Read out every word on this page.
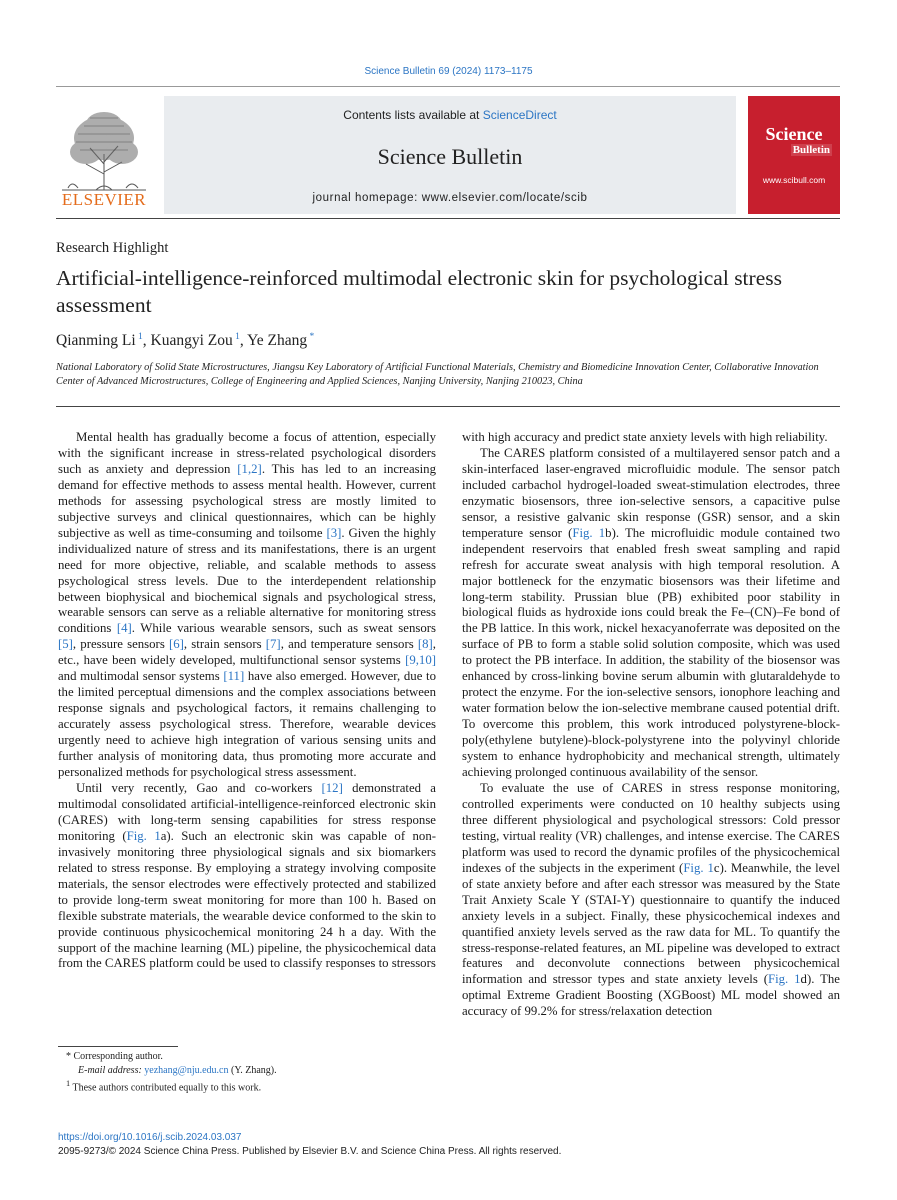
Science Bulletin 69 (2024) 1173–1175
ELSEVIER
Contents lists available at ScienceDirect
Science Bulletin
journal homepage: www.elsevier.com/locate/scib
Science
Bulletin
www.scibull.com
Research Highlight
Artificial-intelligence-reinforced multimodal electronic skin for psychological stress assessment
Qianming Li $^1$, Kuangyi Zou $^1$, Ye Zhang *
National Laboratory of Solid State Microstructures, Jiangsu Key Laboratory of Artificial Functional Materials, Chemistry and Biomedicine Innovation Center, Collaborative Innovation Center of Advanced Microstructures, College of Engineering and Applied Sciences, Nanjing University, Nanjing 210023, China

Mental health has gradually become a focus of attention, especially with the significant increase in stress-related psychological disorders such as anxiety and depression [1,2]. This has led to an increasing demand for effective methods to assess mental health. However, current methods for assessing psychological stress are mostly limited to subjective surveys and clinical questionnaires, which can be highly subjective as well as time-consuming and toilsome [3]. Given the highly individualized nature of stress and its manifestations, there is an urgent need for more objective, reliable, and scalable methods to assess psychological stress levels. Due to the interdependent relationship between biophysical and biochemical signals and psychological stress, wearable sensors can serve as a reliable alternative for monitoring stress conditions [4]. While various wearable sensors, such as sweat sensors [5], pressure sensors [6], strain sensors [7], and temperature sensors [8], etc., have been widely developed, multifunctional sensor systems [9,10] and multimodal sensor systems [11] have also emerged. However, due to the limited perceptual dimensions and the complex associations between response signals and psychological factors, it remains challenging to accurately assess psychological stress. Therefore, wearable devices urgently need to achieve high integration of various sensing units and further analysis of monitoring data, thus promoting more accurate and personalized methods for psychological stress assessment.

Until very recently, Gao and co-workers [12] demonstrated a multimodal consolidated artificial-intelligence-reinforced electronic skin (CARES) with long-term sensing capabilities for stress response monitoring (Fig. 1a). Such an electronic skin was capable of non-invasively monitoring three physiological signals and six biomarkers related to stress response. By employing a strategy involving composite materials, the sensor electrodes were effectively protected and stabilized to provide long-term sweat monitoring for more than 100 h. Based on flexible substrate materials, the wearable device conformed to the skin to provide continuous physicochemical monitoring 24 h a day. With the support of the machine learning (ML) pipeline, the physicochemical data from the CARES platform could be used to classify responses to stressors

with high accuracy and predict state anxiety levels with high reliability.

The CARES platform consisted of a multilayered sensor patch and a skin-interfaced laser-engraved microfluidic module. The sensor patch included carbachol hydrogel-loaded sweat-stimulation electrodes, three enzymatic biosensors, three ion-selective sensors, a capacitive pulse sensor, a resistive galvanic skin response (GSR) sensor, and a skin temperature sensor (Fig. 1b). The microfluidic module contained two independent reservoirs that enabled fresh sweat sampling and rapid refresh for accurate sweat analysis with high temporal resolution. A major bottleneck for the enzymatic biosensors was their lifetime and long-term stability. Prussian blue (PB) exhibited poor stability in biological fluids as hydroxide ions could break the Fe–(CN)–Fe bond of the PB lattice. In this work, nickel hexacyanoferrate was deposited on the surface of PB to form a stable solid solution composite, which was used to protect the PB interface. In addition, the stability of the biosensor was enhanced by cross-linking bovine serum albumin with glutaraldehyde to protect the enzyme. For the ion-selective sensors, ionophore leaching and water formation below the ion-selective membrane caused potential drift. To overcome this problem, this work introduced polystyrene-block-poly(ethylene butylene)-block-polystyrene into the polyvinyl chloride system to enhance hydrophobicity and mechanical strength, ultimately achieving prolonged continuous availability of the sensor.

To evaluate the use of CARES in stress response monitoring, controlled experiments were conducted on 10 healthy subjects using three different physiological and psychological stressors: Cold pressor testing, virtual reality (VR) challenges, and intense exercise. The CARES platform was used to record the dynamic profiles of the physicochemical indexes of the subjects in the experiment (Fig. 1c). Meanwhile, the level of state anxiety before and after each stressor was measured by the State Trait Anxiety Scale Y (STAI-Y) questionnaire to quantify the induced anxiety levels in a subject. Finally, these physicochemical indexes and quantified anxiety levels served as the raw data for ML. To quantify the stress-response-related features, an ML pipeline was developed to extract features and deconvolute connections between physicochemical information and stressor types and state anxiety levels (Fig. 1d). The optimal Extreme Gradient Boosting (XGBoost) ML model showed an accuracy of 99.2% for stress/relaxation detection

* Corresponding author.
E-mail address: yezhang@nju.edu.cn (Y. Zhang).
$^1$ These authors contributed equally to this work.
https://doi.org/10.1016/j.scib.2024.03.037
2095-9273/© 2024 Science China Press. Published by Elsevier B.V. and Science China Press. All rights reserved.
